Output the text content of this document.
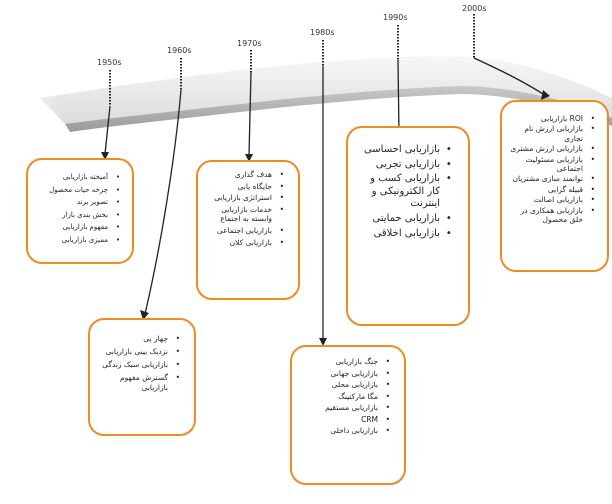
1950s
1960s
1970s
1980s
1990s
2000s
آمیخته بازاریابی •
چرخه حیات محصول •
تصویر برند •
بخش بندی بازار •
مفهوم بازاریابی •
ممیزی بازاریابی •
چهار پی •
نزدیک بینی بازاریابی •
بازاریابی سبک زندگی •
گسترش مفهوم بازاریابی •
هدف گذاری •
جایگاه یابی •
استراتژی بازاریابی •
خدمات بازاریابی وابسته به اجتماع •
بازاریابی اجتماعی •
بازاریابی کلان •
جنگ بازاریابی •
بازاریابی جهانی •
بازاریابی محلی •
مگا مارکتینگ •
بازاریابی مستقیم •
CRM •
بازاریابی داخلی •
بازاریابی احساسی •
بازاریابی تجربی •
بازاریابی کسب و کار الکترونیکی و اینترنت •
بازاریابی حمایتی •
بازاریابی اخلاقی •
بازاریابی ROI •
بازاریابی ارزش نام تجاری •
بازاریابی ارزش مشتری •
بازاریابی مسئولیت اجتماعی •
توانمند سازی مشتریان •
قبیله گرایی •
بازاریابی اصالت •
بازاریابی همکاری در خلق محصول •
